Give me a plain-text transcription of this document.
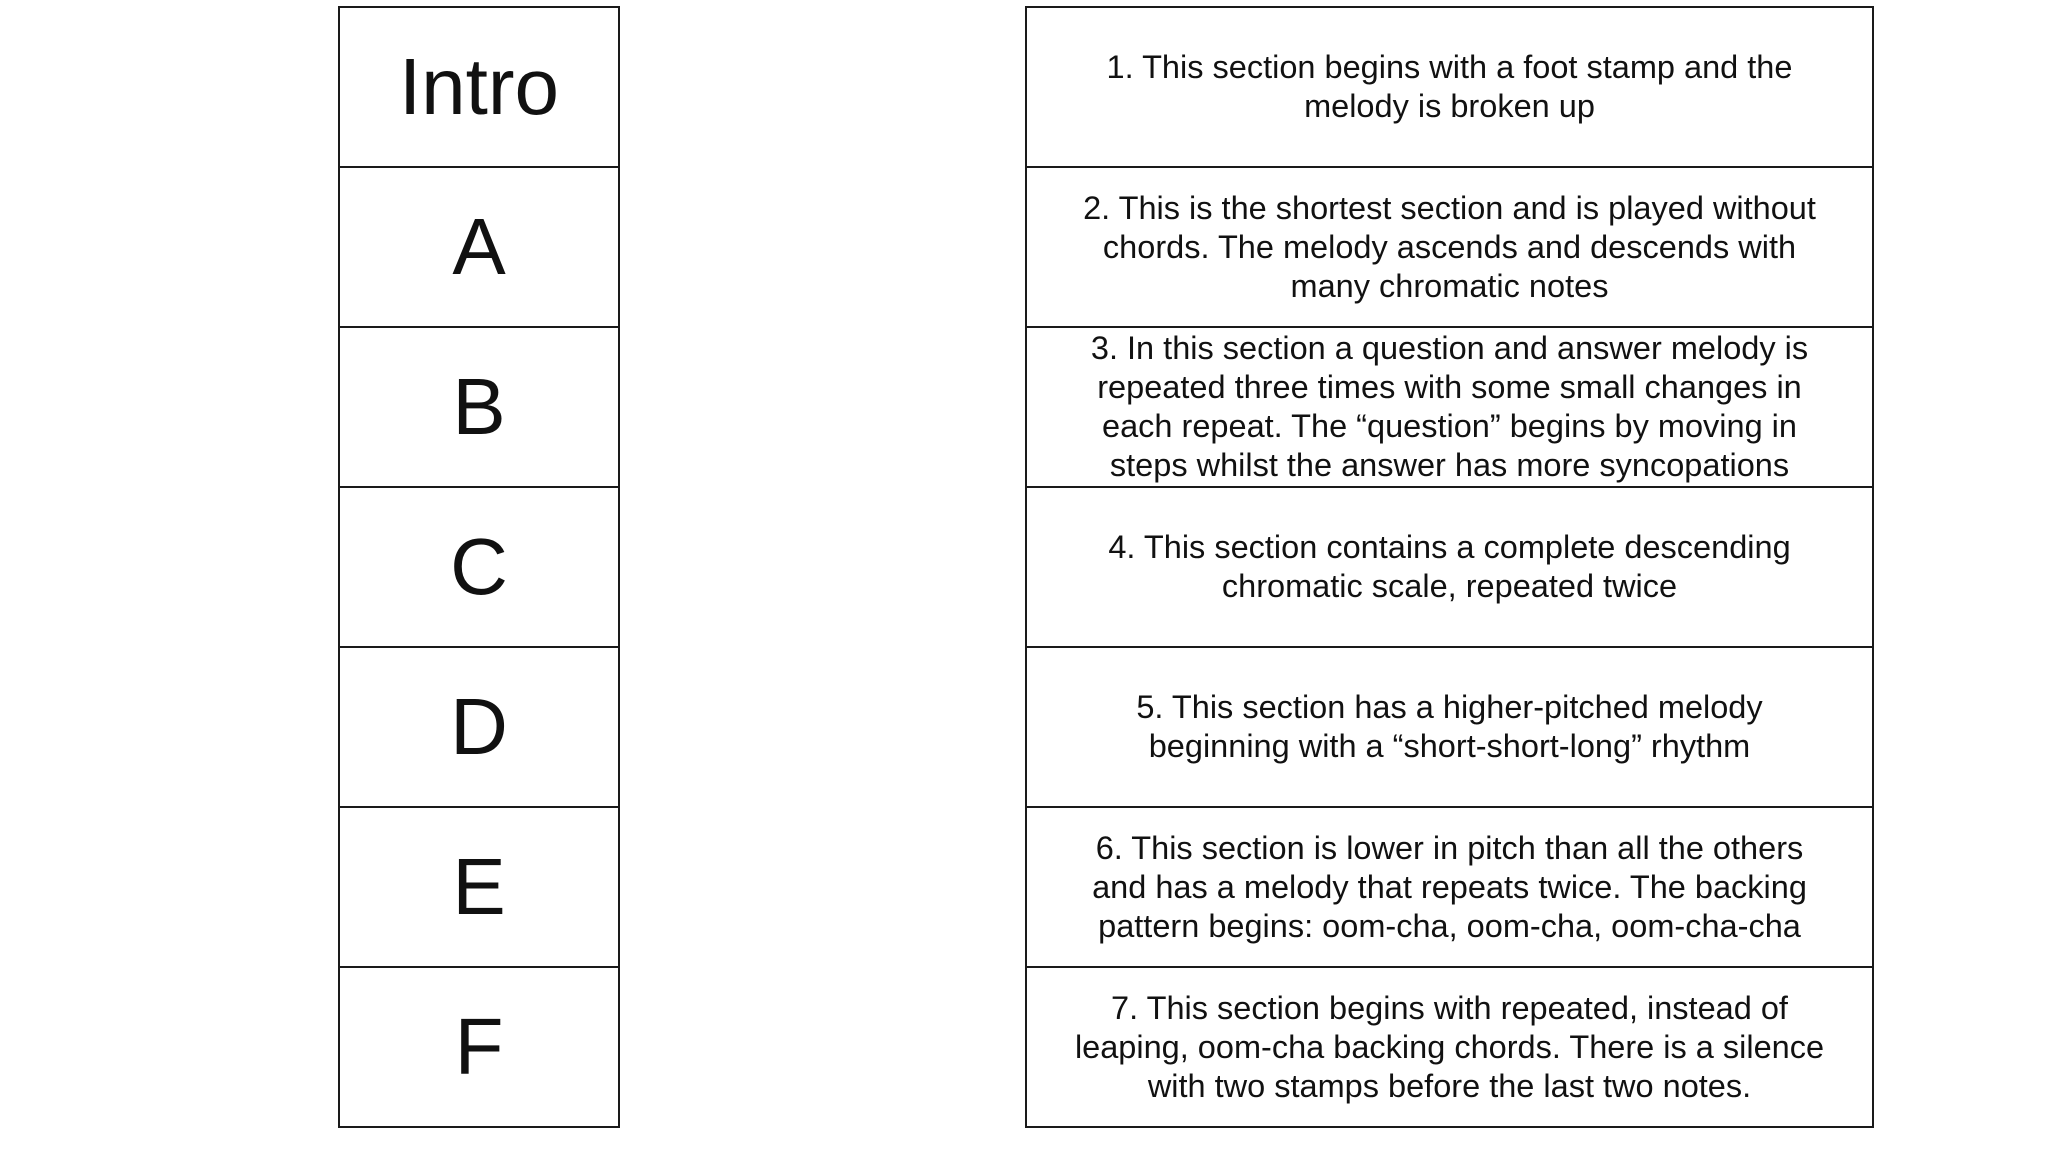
Intro
A
B
C
D
E
F
1. This section begins with a foot stamp and the
melody is broken up
2. This is the shortest section and is played without
chords. The melody ascends and descends with
many chromatic notes
3. In this section a question and answer melody is
repeated three times with some small changes in
each repeat. The “question” begins by moving in
steps whilst the answer has more syncopations
4. This section contains a complete descending
chromatic scale, repeated twice
5. This section has a higher-pitched melody
beginning with a “short-short-long” rhythm
6. This section is lower in pitch than all the others
and has a melody that repeats twice. The backing
pattern begins: oom-cha, oom-cha, oom-cha-cha
7. This section begins with repeated, instead of
leaping, oom-cha backing chords. There is a silence
with two stamps before the last two notes.
